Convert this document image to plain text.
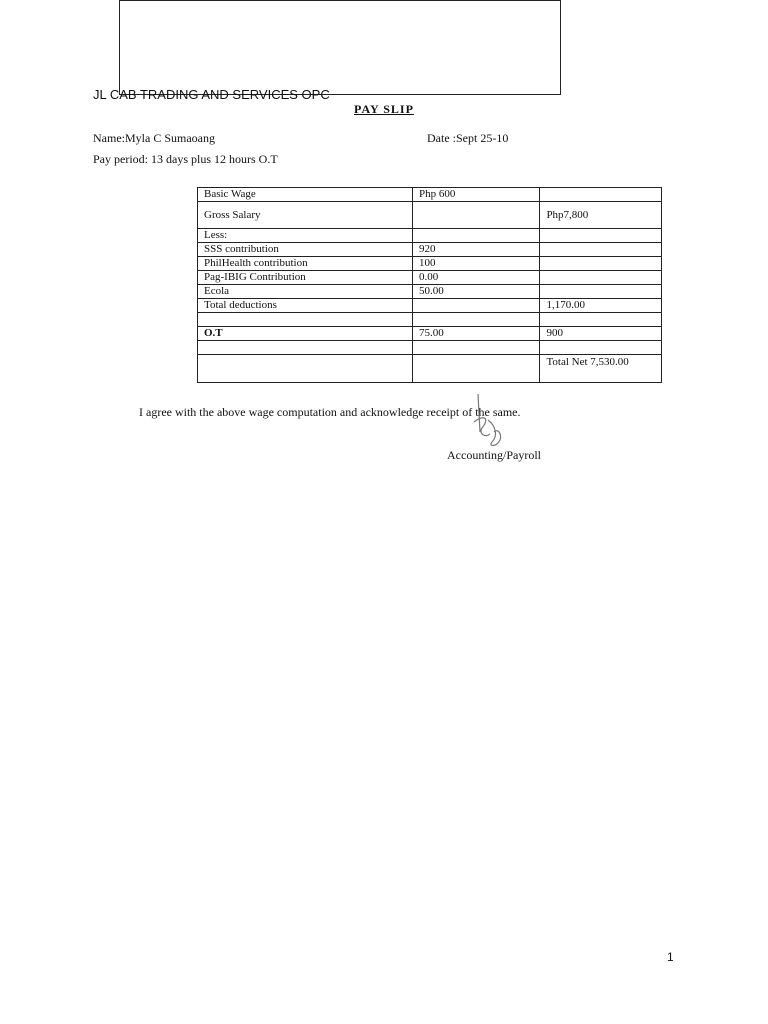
JL CAB TRADING AND SERVICES OPC
PAY SLIP
Name:Myla C Sumaoang	Date :Sept 25-10
Pay period: 13 days plus 12 hours O.T
Basic Wage	Php 600	
Gross Salary		Php7,800
Less:		
SSS contribution	920	
PhilHealth contribution	100	
Pag-IBIG Contribution	0.00	
Ecola	50.00	
Total deductions		1,170.00

O.T	75.00	900

		Total Net 7,530.00
I agree with the above wage computation and acknowledge receipt of the same.
Accounting/Payroll
1
